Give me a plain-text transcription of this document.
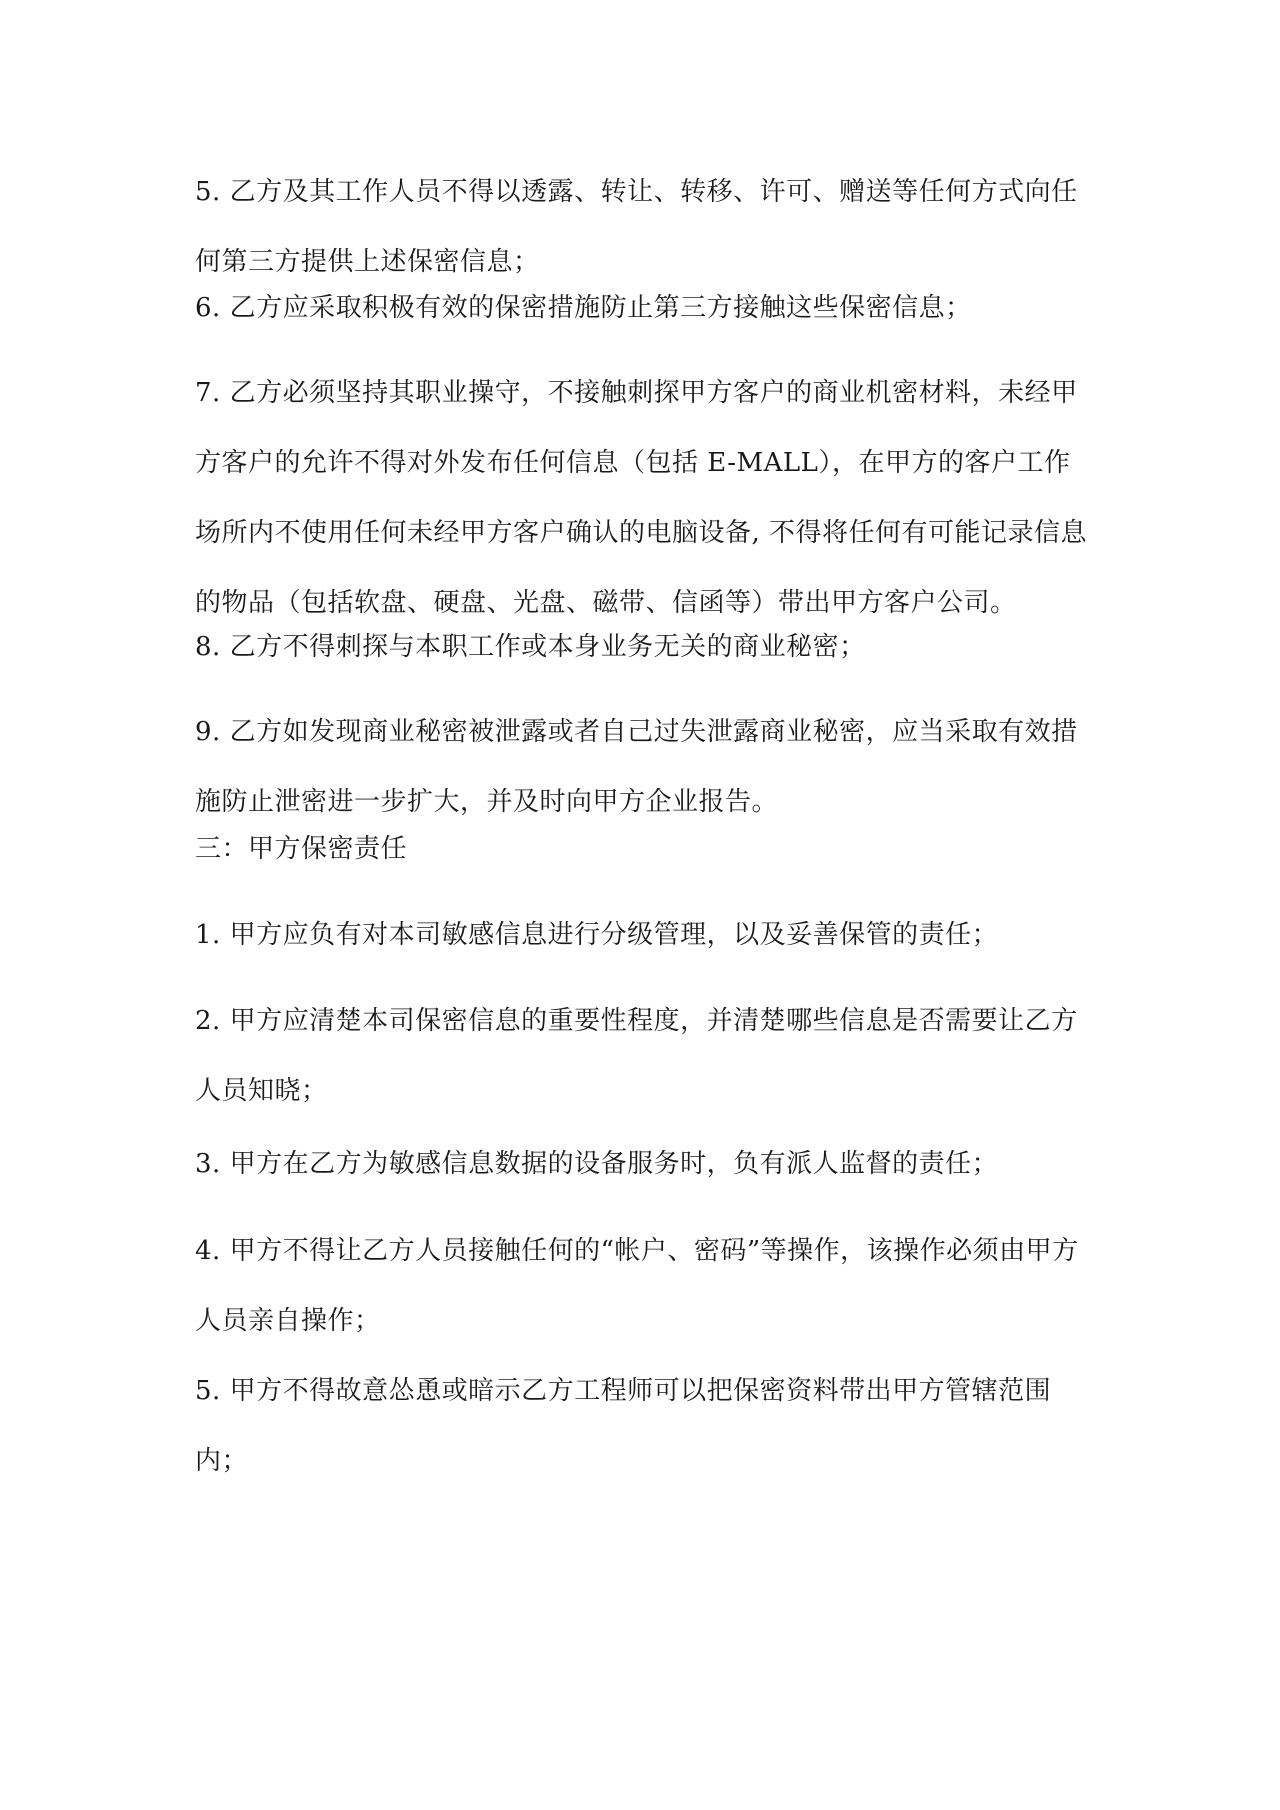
5. 乙方及其工作人员不得以透露、转让、转移、许可、赠送等任何方式向任何第三方提供上述保密信息；

6. 乙方应采取积极有效的保密措施防止第三方接触这些保密信息；

7. 乙方必须坚持其职业操守，不接触刺探甲方客户的商业机密材料，未经甲方客户的允许不得对外发布任何信息（包括 E-MALL），在甲方的客户工作场所内不使用任何未经甲方客户确认的电脑设备, 不得将任何有可能记录信息的物品（包括软盘、硬盘、光盘、磁带、信函等）带出甲方客户公司。

8. 乙方不得刺探与本职工作或本身业务无关的商业秘密；

9. 乙方如发现商业秘密被泄露或者自己过失泄露商业秘密，应当采取有效措施防止泄密进一步扩大，并及时向甲方企业报告。

三：甲方保密责任

1. 甲方应负有对本司敏感信息进行分级管理，以及妥善保管的责任；

2. 甲方应清楚本司保密信息的重要性程度，并清楚哪些信息是否需要让乙方人员知晓；

3. 甲方在乙方为敏感信息数据的设备服务时，负有派人监督的责任；

4. 甲方不得让乙方人员接触任何的“帐户、密码”等操作，该操作必须由甲方人员亲自操作；

5. 甲方不得故意怂恿或暗示乙方工程师可以把保密资料带出甲方管辖范围内；
